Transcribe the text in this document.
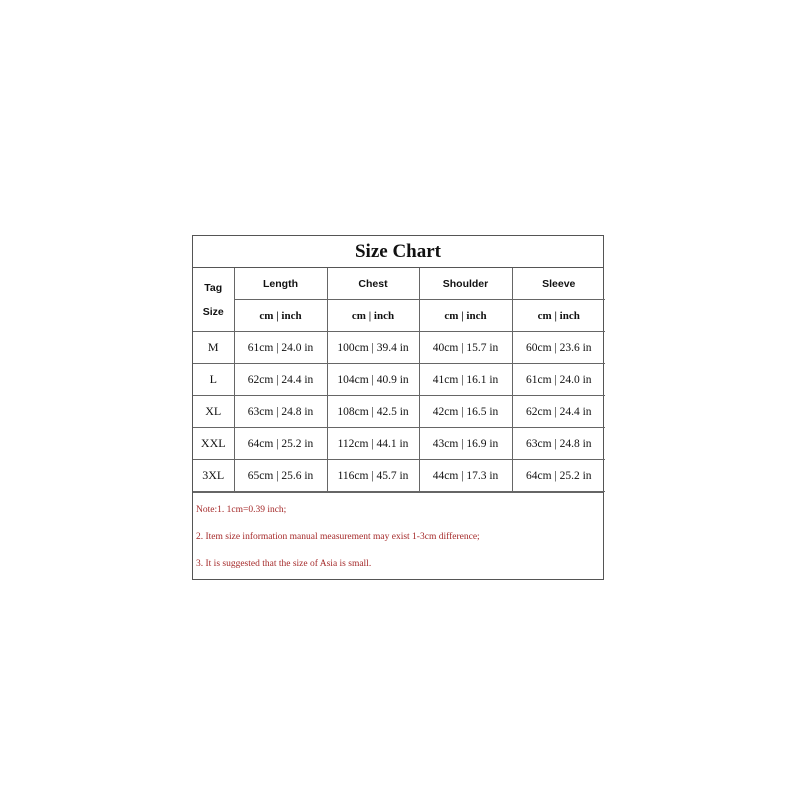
Size Chart
Tag
Size	Length	Chest	Shoulder	Sleeve
	cm | inch	cm | inch	cm | inch	cm | inch
M	61cm | 24.0 in	100cm | 39.4 in	40cm | 15.7 in	60cm | 23.6 in
L	62cm | 24.4 in	104cm | 40.9 in	41cm | 16.1 in	61cm | 24.0 in
XL	63cm | 24.8 in	108cm | 42.5 in	42cm | 16.5 in	62cm | 24.4 in
XXL	64cm | 25.2 in	112cm | 44.1 in	43cm | 16.9 in	63cm | 24.8 in
3XL	65cm | 25.6 in	116cm | 45.7 in	44cm | 17.3 in	64cm | 25.2 in
Note:1. 1cm=0.39 inch;
2. Item size information manual measurement may exist 1-3cm difference;
3. It is suggested that the size of Asia is small.
